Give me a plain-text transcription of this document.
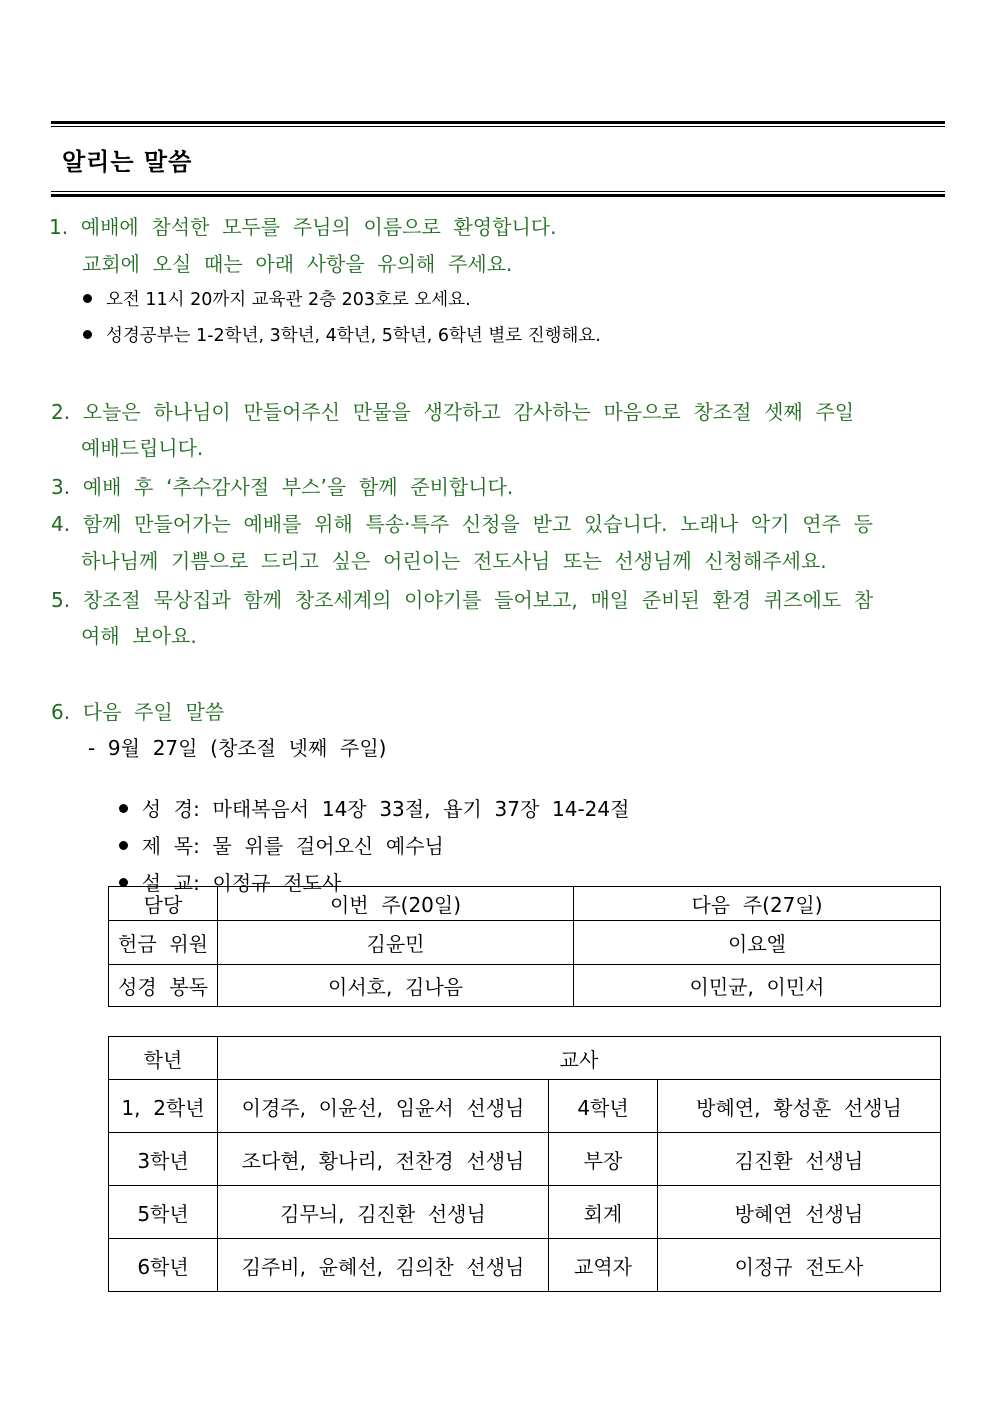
알리는 말씀
1.  예배에  참석한  모두를  주님의  이름으로  환영합니다.
교회에  오실  때는  아래  사항을  유의해  주세요.
오전 11시 20까지 교육관 2층 203호로 오세요.
성경공부는 1-2학년, 3학년, 4학년, 5학년, 6학년 별로 진행해요.
2.  오늘은  하나님이  만들어주신  만물을  생각하고  감사하는  마음으로  창조절  셋째  주일
예배드립니다.
3.  예배  후  ‘추수감사절  부스’을  함께  준비합니다.
4.  함께  만들어가는  예배를  위해  특송·특주  신청을  받고  있습니다.  노래나  악기  연주  등
하나님께  기쁨으로  드리고  싶은  어린이는  전도사님  또는  선생님께  신청해주세요.
5.  창조절  묵상집과  함께  창조세계의  이야기를  들어보고,  매일  준비된  환경  퀴즈에도  참
여해  보아요.
6.  다음  주일  말씀
-  9월  27일  (창조절  넷째  주일)

성  경:  마태복음서  14장  33절,  욥기  37장  14-24절

제  목:  물  위를  걸어오신  예수님

설  교:  이정규  전도사

담당	이번  주(20일)	다음  주(27일)
헌금  위원	김윤민	이요엘
성경  봉독	이서호,  김나음	이민균,  이민서
학년	교사		
1,  2학년	이경주,  이윤선,  임윤서  선생님	4학년	방혜연,  황성훈  선생님
3학년	조다현,  황나리,  전찬경  선생님	부장	김진환  선생님
5학년	김무늬,  김진환  선생님	회계	방혜연  선생님
6학년	김주비,  윤혜선,  김의찬  선생님	교역자	이정규  전도사
